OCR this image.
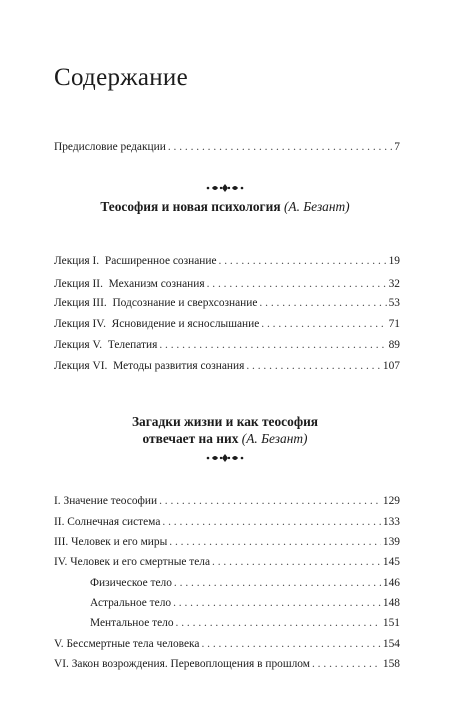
Содержание
Предисловие редакции . . .	7
Теософия и новая психология (А. Безант)
Лекция I. Расширенное сознание . . .	19
Лекция II. Механизм сознания . . .	32
Лекция III. Подсознание и сверхсознание . . .	53
Лекция IV. Ясновидение и яснослышание . . .	71
Лекция V. Телепатия . . .	89
Лекция VI. Методы развития сознания . . .	107
Загадки жизни и как теософия
отвечает на них (А. Безант)
I. Значение теософии . . .	129
II. Солнечная система . . .	133
III. Человек и его миры . . .	139
IV. Человек и его смертные тела . . .	145
Физическое тело . . .	146
Астральное тело . . .	148
Ментальное тело . . .	151
V. Бессмертные тела человека . . .	154
VI. Закон возрождения. Перевоплощения в прошлом . . .	158
